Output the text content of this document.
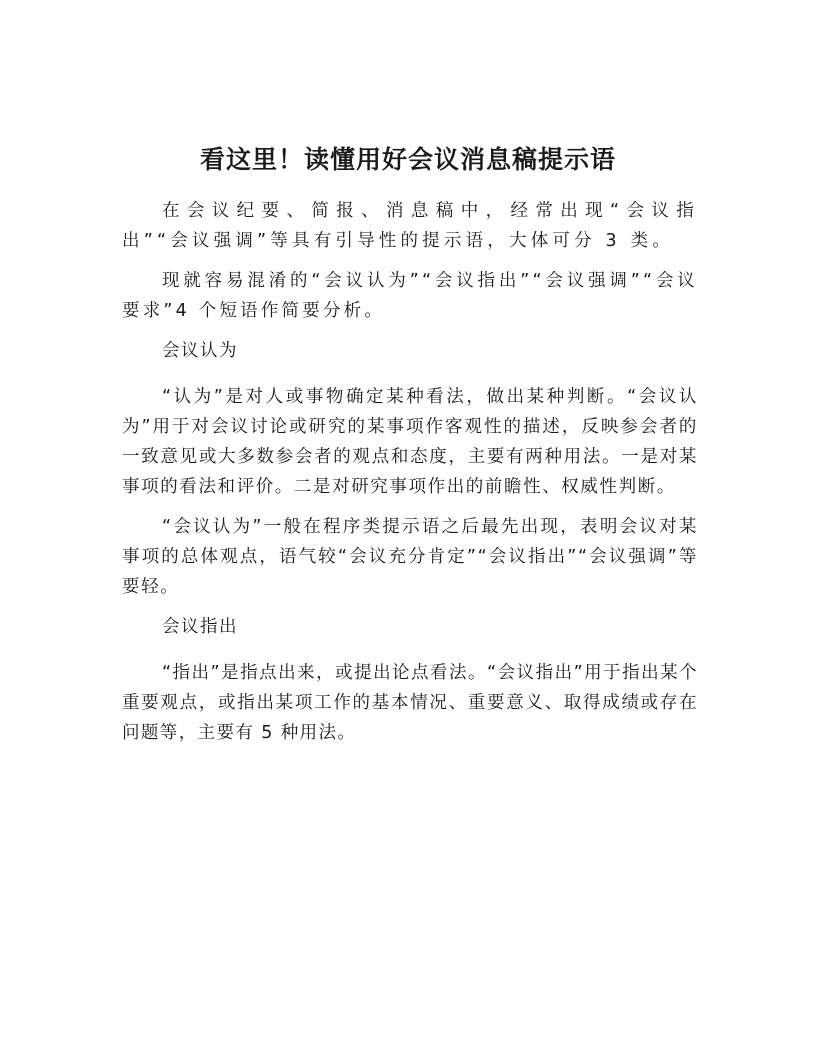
看这里！读懂用好会议消息稿提示语

在会议纪要、简报、消息稿中，经常出现“会议指出”“会议强调”等具有引导性的提示语，大体可分 3 类。

现就容易混淆的“会议认为”“会议指出”“会议强调”“会议要求”4 个短语作简要分析。

会议认为

“认为”是对人或事物确定某种看法，做出某种判断。“会议认为”用于对会议讨论或研究的某事项作客观性的描述，反映参会者的一致意见或大多数参会者的观点和态度，主要有两种用法。一是对某事项的看法和评价。二是对研究事项作出的前瞻性、权威性判断。

“会议认为”一般在程序类提示语之后最先出现，表明会议对某事项的总体观点，语气较“会议充分肯定”“会议指出”“会议强调”等要轻。

会议指出

“指出”是指点出来，或提出论点看法。“会议指出”用于指出某个重要观点，或指出某项工作的基本情况、重要意义、取得成绩或存在问题等，主要有 5 种用法。
